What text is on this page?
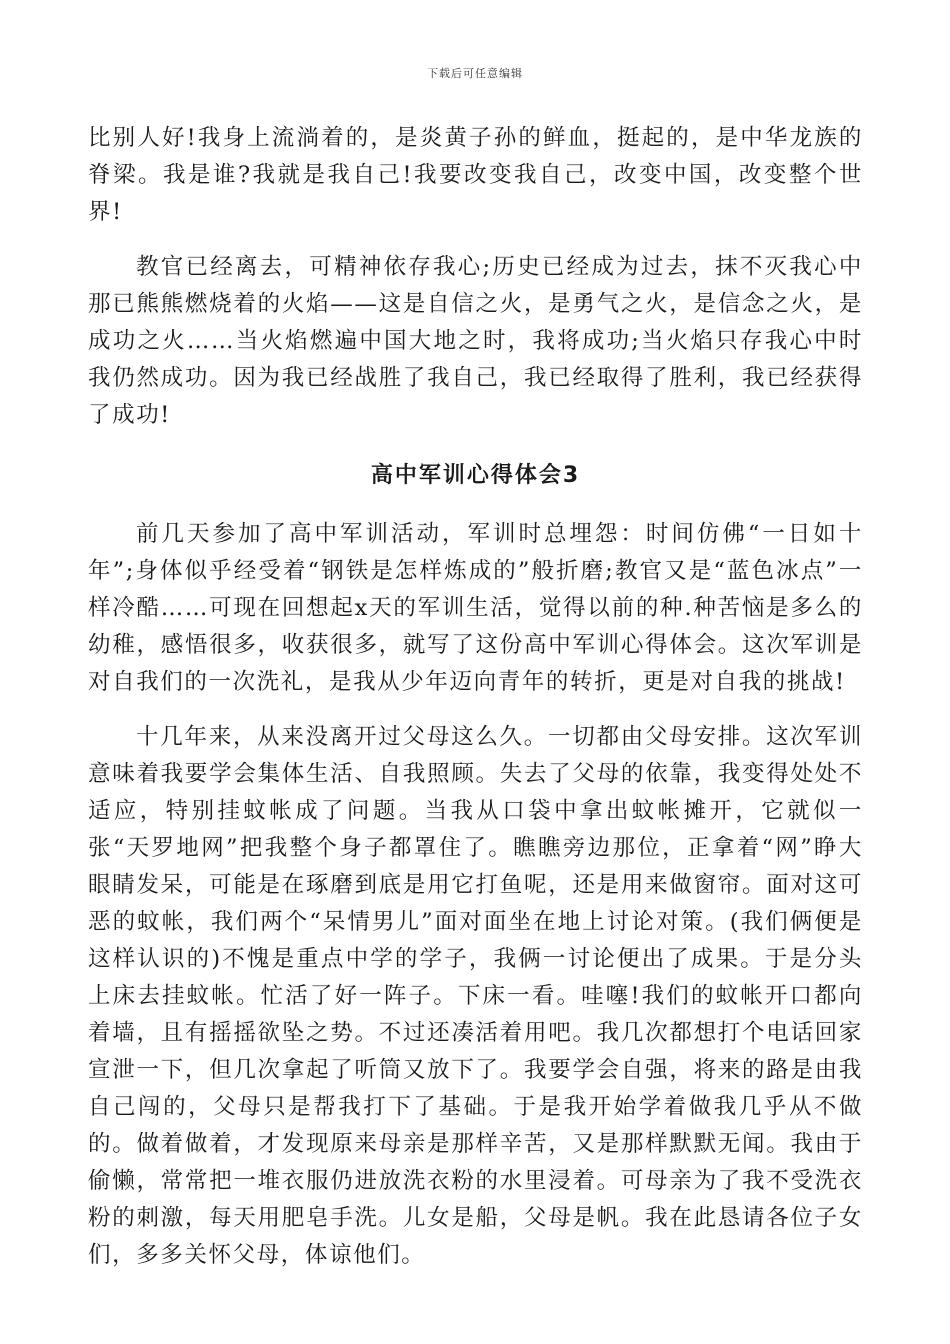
下载后可任意编辑

比别人好!我身上流淌着的，是炎黄子孙的鲜血，挺起的，是中华龙族的脊梁。我是谁?我就是我自己!我要改变我自己，改变中国，改变整个世界!

教官已经离去，可精神依存我心;历史已经成为过去，抹不灭我心中那已熊熊燃烧着的火焰——这是自信之火，是勇气之火，是信念之火，是成功之火……当火焰燃遍中国大地之时，我将成功;当火焰只存我心中时我仍然成功。因为我已经战胜了我自己，我已经取得了胜利，我已经获得了成功!

高中军训心得体会3

前几天参加了高中军训活动，军训时总埋怨：时间仿佛“一日如十年”;身体似乎经受着“钢铁是怎样炼成的”般折磨;教官又是“蓝色冰点”一样冷酷……可现在回想起x天的军训生活，觉得以前的种.种苦恼是多么的幼稚，感悟很多，收获很多，就写了这份高中军训心得体会。这次军训是对自我们的一次洗礼，是我从少年迈向青年的转折，更是对自我的挑战!

十几年来，从来没离开过父母这么久。一切都由父母安排。这次军训意味着我要学会集体生活、自我照顾。失去了父母的依靠，我变得处处不适应，特别挂蚊帐成了问题。当我从口袋中拿出蚊帐摊开，它就似一张“天罗地网”把我整个身子都罩住了。瞧瞧旁边那位，正拿着“网”睁大眼睛发呆，可能是在琢磨到底是用它打鱼呢，还是用来做窗帘。面对这可恶的蚊帐，我们两个“呆情男儿”面对面坐在地上讨论对策。(我们俩便是这样认识的)不愧是重点中学的学子，我俩一讨论便出了成果。于是分头上床去挂蚊帐。忙活了好一阵子。下床一看。哇噻!我们的蚊帐开口都向着墙，且有摇摇欲坠之势。不过还凑活着用吧。我几次都想打个电话回家宣泄一下，但几次拿起了听筒又放下了。我要学会自强，将来的路是由我自己闯的，父母只是帮我打下了基础。于是我开始学着做我几乎从不做的。做着做着，才发现原来母亲是那样辛苦，又是那样默默无闻。我由于偷懒，常常把一堆衣服仍进放洗衣粉的水里浸着。可母亲为了我不受洗衣粉的刺激，每天用肥皂手洗。儿女是船，父母是帆。我在此恳请各位子女们，多多关怀父母，体谅他们。
